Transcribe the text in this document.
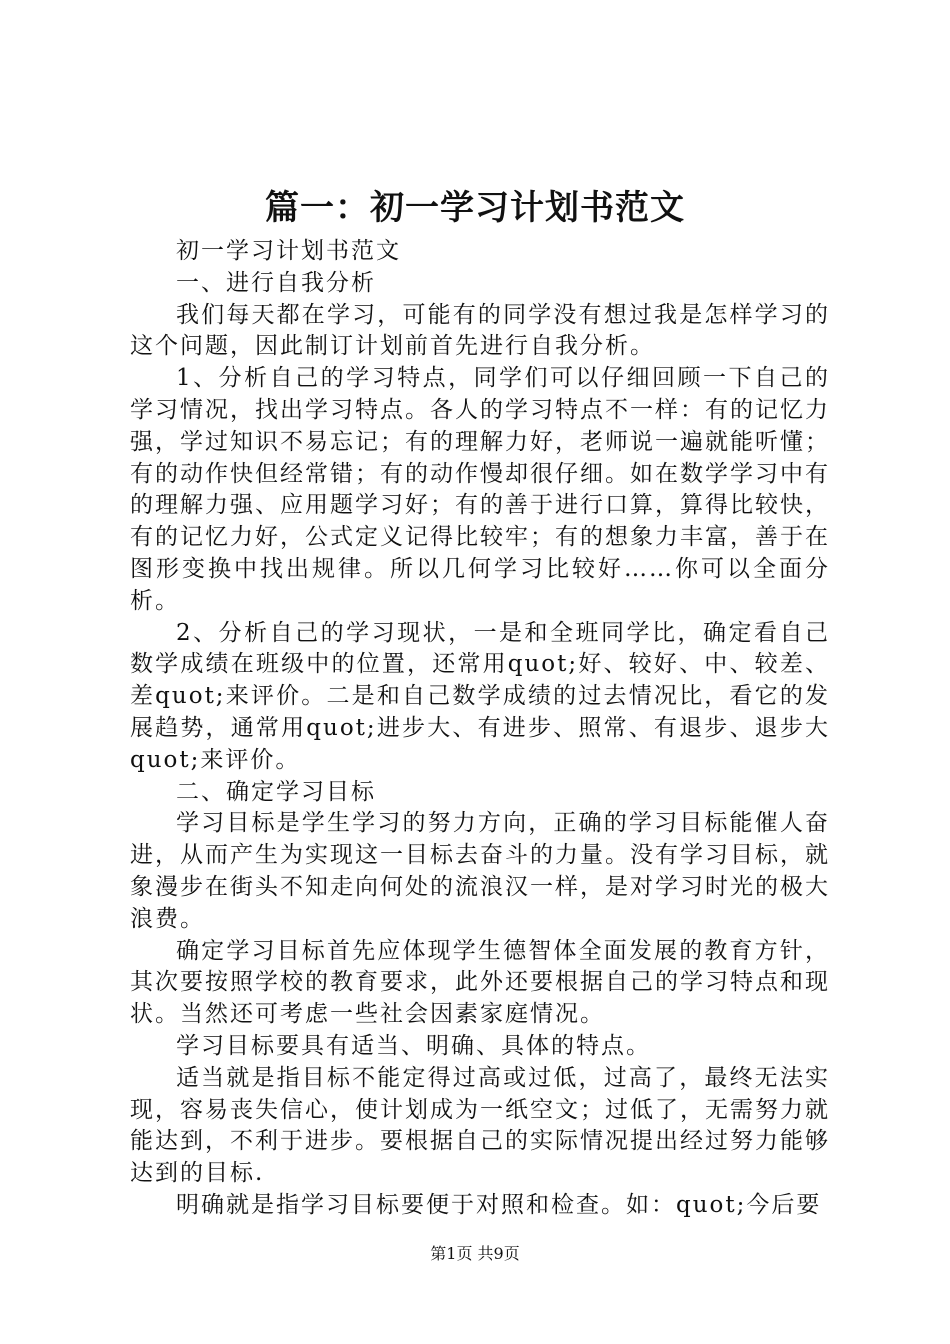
篇一：初一学习计划书范文

初一学习计划书范文

一、进行自我分析

我们每天都在学习，可能有的同学没有想过我是怎样学习的这个问题，因此制订计划前首先进行自我分析。

1、分析自己的学习特点，同学们可以仔细回顾一下自己的学习情况，找出学习特点。各人的学习特点不一样：有的记忆力强，学过知识不易忘记；有的理解力好，老师说一遍就能听懂；有的动作快但经常错；有的动作慢却很仔细。如在数学学习中有的理解力强、应用题学习好；有的善于进行口算，算得比较快，有的记忆力好，公式定义记得比较牢；有的想象力丰富，善于在图形变换中找出规律。所以几何学习比较好……你可以全面分析。

2、分析自己的学习现状，一是和全班同学比，确定看自己数学成绩在班级中的位置，还常用quot;好、较好、中、较差、差quot;来评价。二是和自己数学成绩的过去情况比，看它的发展趋势，通常用quot;进步大、有进步、照常、有退步、退步大quot;来评价。

二、确定学习目标

学习目标是学生学习的努力方向，正确的学习目标能催人奋进，从而产生为实现这一目标去奋斗的力量。没有学习目标，就象漫步在街头不知走向何处的流浪汉一样，是对学习时光的极大浪费。

确定学习目标首先应体现学生德智体全面发展的教育方针，其次要按照学校的教育要求，此外还要根据自己的学习特点和现状。当然还可考虑一些社会因素家庭情况。

学习目标要具有适当、明确、具体的特点。

适当就是指目标不能定得过高或过低，过高了，最终无法实现，容易丧失信心，使计划成为一纸空文；过低了，无需努力就能达到，不利于进步。要根据自己的实际情况提出经过努力能够达到的目标.

明确就是指学习目标要便于对照和检查。如：quot;今后要

第1页 共9页
